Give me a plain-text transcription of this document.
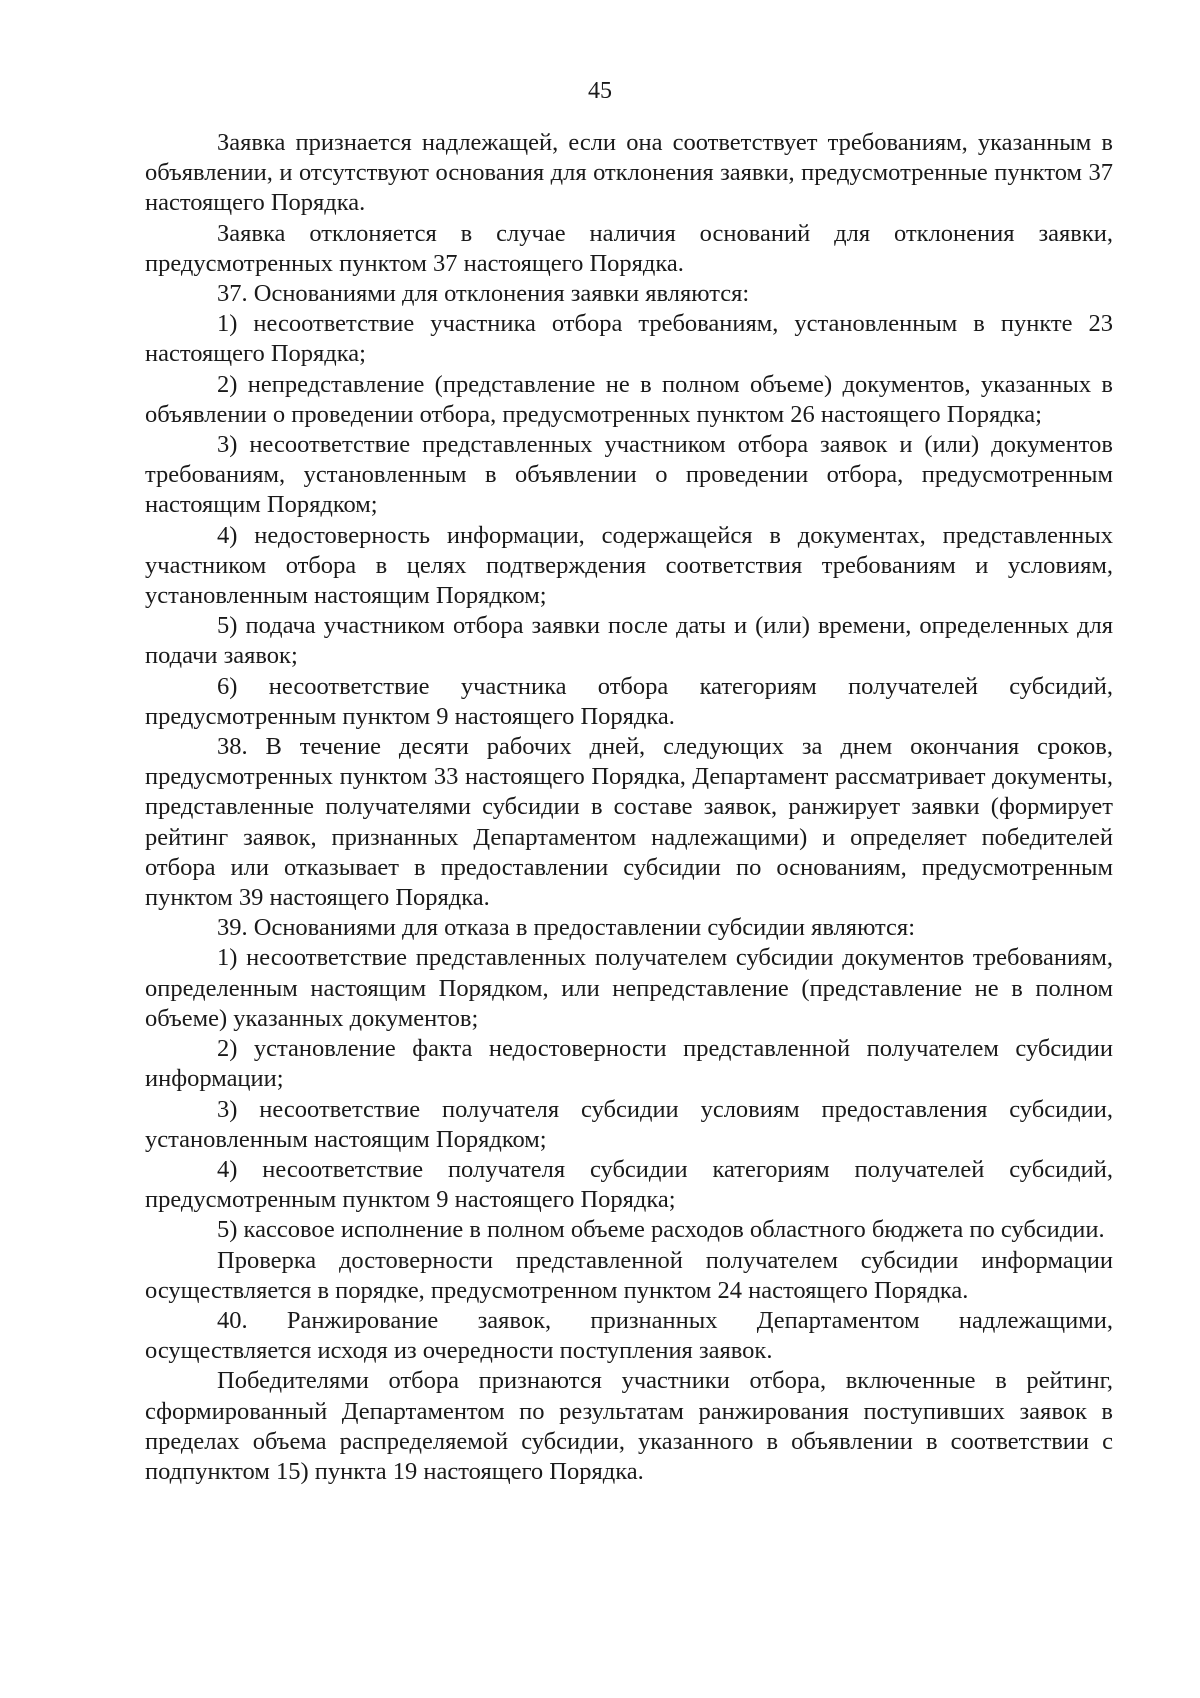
45

Заявка признается надлежащей, если она соответствует требованиям, указанным в объявлении, и отсутствуют основания для отклонения заявки, предусмотренные пунктом 37 настоящего Порядка.

Заявка отклоняется в случае наличия оснований для отклонения заявки, предусмотренных пунктом 37 настоящего Порядка.

37. Основаниями для отклонения заявки являются:

1) несоответствие участника отбора требованиям, установленным в пункте 23 настоящего Порядка;

2) непредставление (представление не в полном объеме) документов, указанных в объявлении о проведении отбора, предусмотренных пунктом 26 настоящего Порядка;

3) несоответствие представленных участником отбора заявок и (или) документов требованиям, установленным в объявлении о проведении отбора, предусмотренным настоящим Порядком;

4) недостоверность информации, содержащейся в документах, представленных участником отбора в целях подтверждения соответствия требованиям и условиям, установленным настоящим Порядком;

5) подача участником отбора заявки после даты и (или) времени, определенных для подачи заявок;

6) несоответствие участника отбора категориям получателей субсидий, предусмотренным пунктом 9 настоящего Порядка.

38. В течение десяти рабочих дней, следующих за днем окончания сроков, предусмотренных пунктом 33 настоящего Порядка, Департамент рассматривает документы, представленные получателями субсидии в составе заявок, ранжирует заявки (формирует рейтинг заявок, признанных Департаментом надлежащими) и определяет победителей отбора или отказывает в предоставлении субсидии по основаниям, предусмотренным пунктом 39 настоящего Порядка.

39. Основаниями для отказа в предоставлении субсидии являются:

1) несоответствие представленных получателем субсидии документов требованиям, определенным настоящим Порядком, или непредставление (представление не в полном объеме) указанных документов;

2) установление факта недостоверности представленной получателем субсидии информации;

3) несоответствие получателя субсидии условиям предоставления субсидии, установленным настоящим Порядком;

4) несоответствие получателя субсидии категориям получателей субсидий, предусмотренным пунктом 9 настоящего Порядка;

5) кассовое исполнение в полном объеме расходов областного бюджета по субсидии.

Проверка достоверности представленной получателем субсидии информации осуществляется в порядке, предусмотренном пунктом 24 настоящего Порядка.

40. Ранжирование заявок, признанных Департаментом надлежащими, осуществляется исходя из очередности поступления заявок.

Победителями отбора признаются участники отбора, включенные в рейтинг, сформированный Департаментом по результатам ранжирования поступивших заявок в пределах объема распределяемой субсидии, указанного в объявлении в соответствии с подпунктом 15) пункта 19 настоящего Порядка.
